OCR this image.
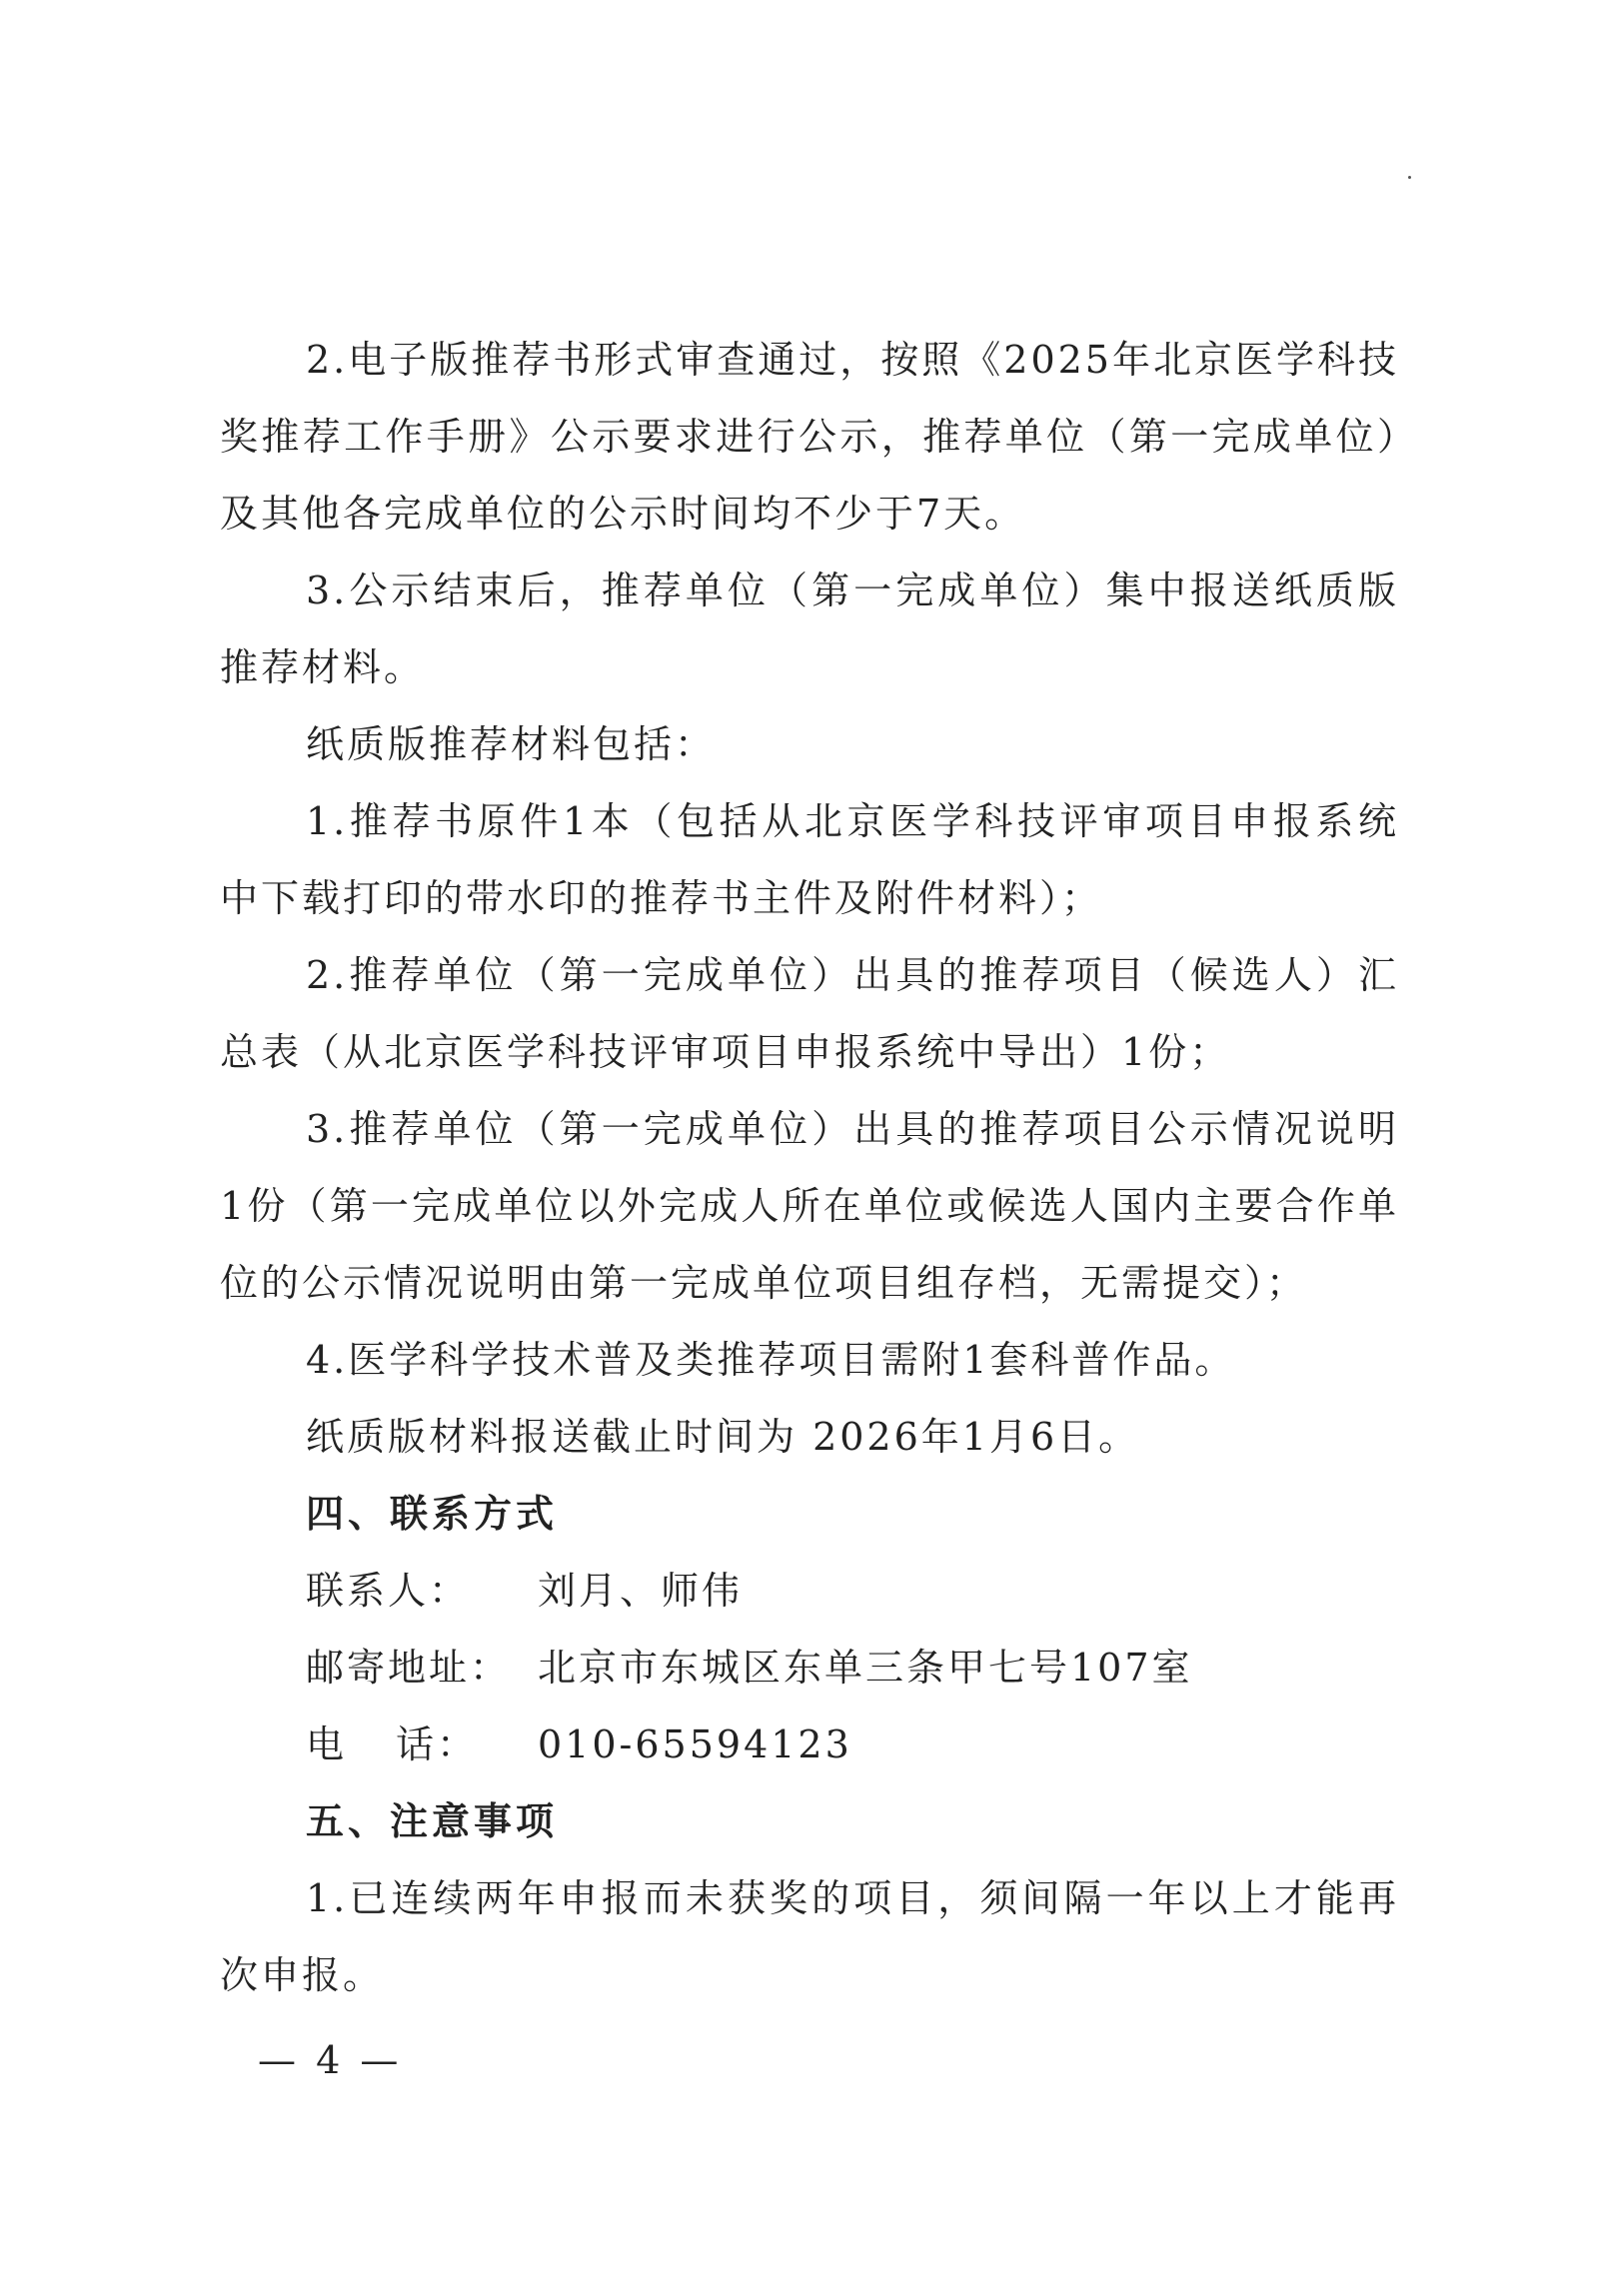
2.电子版推荐书形式审查通过，按照《2025年北京医学科技奖推荐工作手册》公示要求进行公示，推荐单位（第一完成单位）及其他各完成单位的公示时间均不少于7天。

3.公示结束后，推荐单位（第一完成单位）集中报送纸质版推荐材料。

纸质版推荐材料包括：

1.推荐书原件1本（包括从北京医学科技评审项目申报系统中下载打印的带水印的推荐书主件及附件材料）；

2.推荐单位（第一完成单位）出具的推荐项目（候选人）汇总表（从北京医学科技评审项目申报系统中导出）1份；

3.推荐单位（第一完成单位）出具的推荐项目公示情况说明1份（第一完成单位以外完成人所在单位或候选人国内主要合作单位的公示情况说明由第一完成单位项目组存档，无需提交）；

4.医学科学技术普及类推荐项目需附1套科普作品。

纸质版材料报送截止时间为 2026年1月6日。

四、联系方式

联系人：	刘月、师伟
邮寄地址： 北京市东城区东单三条甲七号107室
电 话： 010-65594123

五、注意事项

1.已连续两年申报而未获奖的项目，须间隔一年以上才能再次申报。

— 4 —
